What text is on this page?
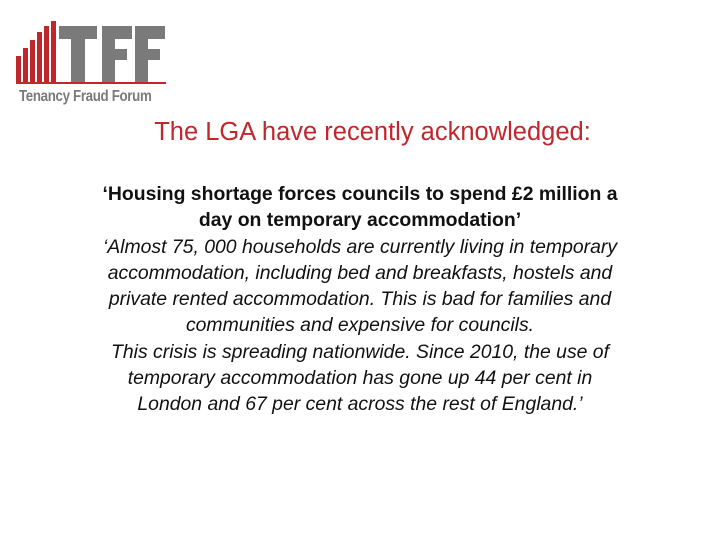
Tenancy Fraud Forum
The LGA have recently acknowledged:

‘Housing shortage forces councils to spend £2 million a

day on temporary accommodation’

‘Almost 75, 000 households are currently living in temporary

accommodation, including bed and breakfasts, hostels and

private rented accommodation. This is bad for families and

communities and expensive for councils.

This crisis is spreading nationwide. Since 2010, the use of

temporary accommodation has gone up 44 per cent in

London and 67 per cent across the rest of England.’
